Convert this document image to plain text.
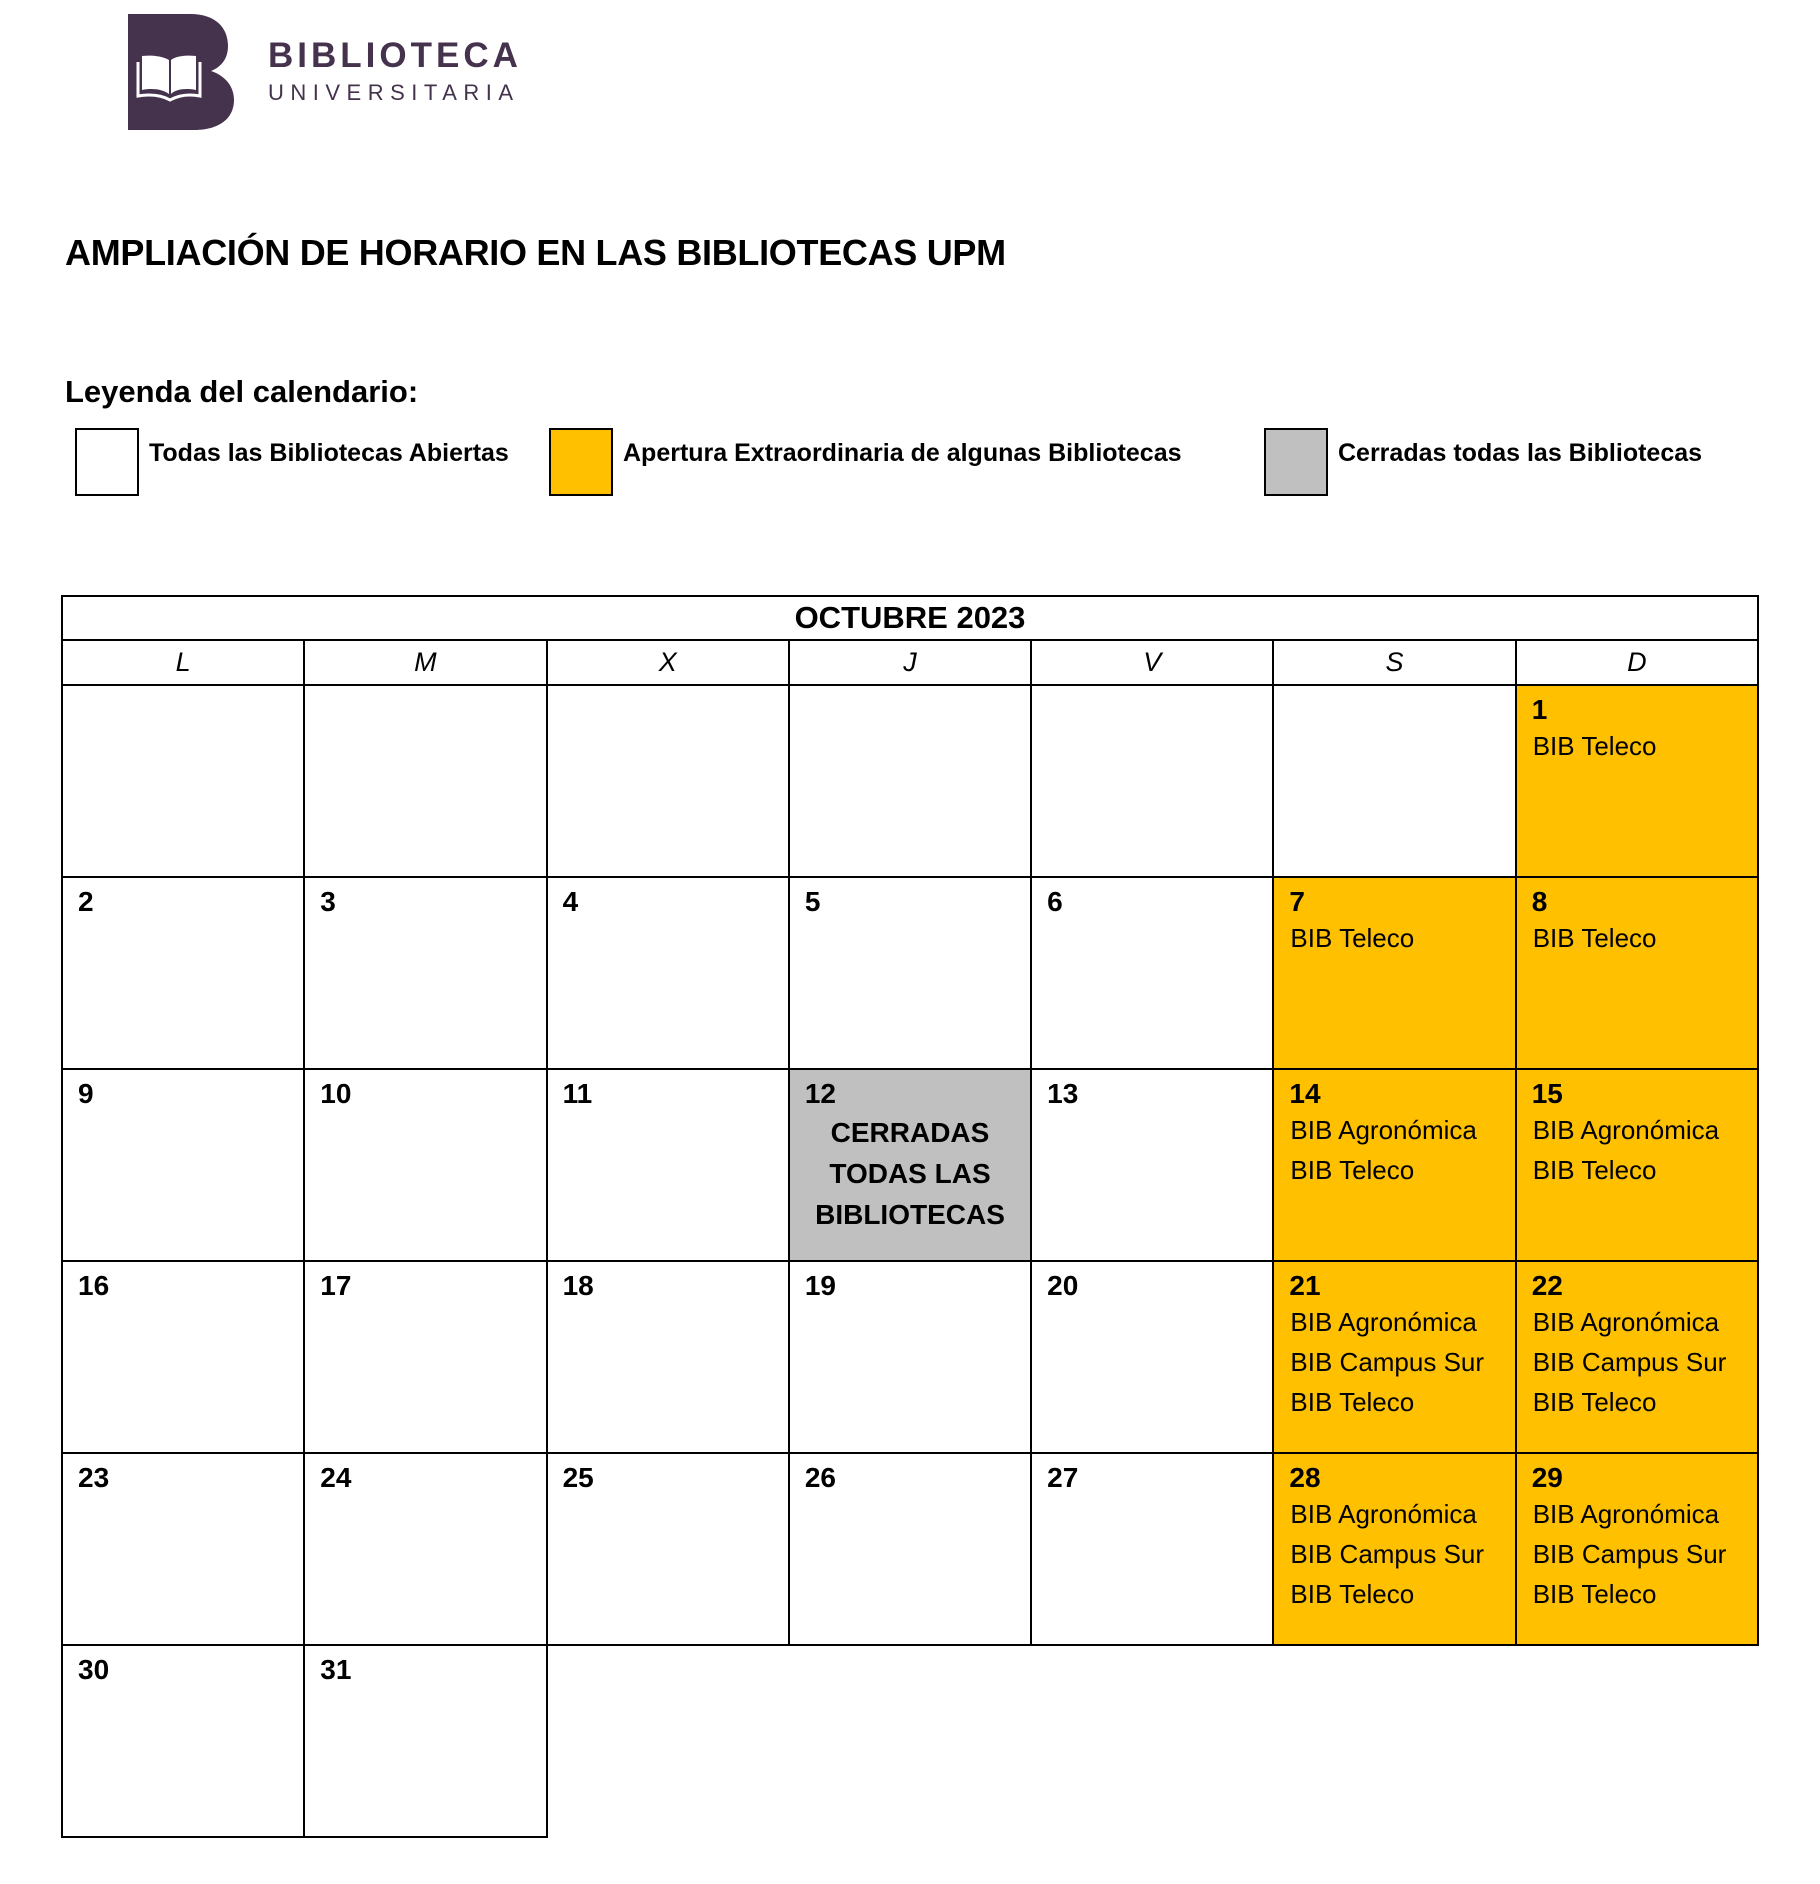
BIBLIOTECA
UNIVERSITARIA
AMPLIACIÓN DE HORARIO EN LAS BIBLIOTECAS UPM
Leyenda del calendario:
Todas las Bibliotecas Abiertas	Apertura Extraordinaria de algunas Bibliotecas	Cerradas todas las Bibliotecas
OCTUBRE 2023						
L	M	X	J	V	S	D

						1
BIB Teleco

2	3	4	5	6	7
BIB Teleco	8
BIB Teleco

9	10	11	12
CERRADAS TODAS LAS BIBLIOTECAS	13	14
BIB Agronómica
BIB Teleco	15
BIB Agronómica
BIB Teleco

16	17	18	19	20	21
BIB Agronómica
BIB Campus Sur
BIB Teleco	22
BIB Agronómica
BIB Campus Sur
BIB Teleco

23	24	25	26	27	28
BIB Agronómica
BIB Campus Sur
BIB Teleco	29
BIB Agronómica
BIB Campus Sur
BIB Teleco

30	31					
